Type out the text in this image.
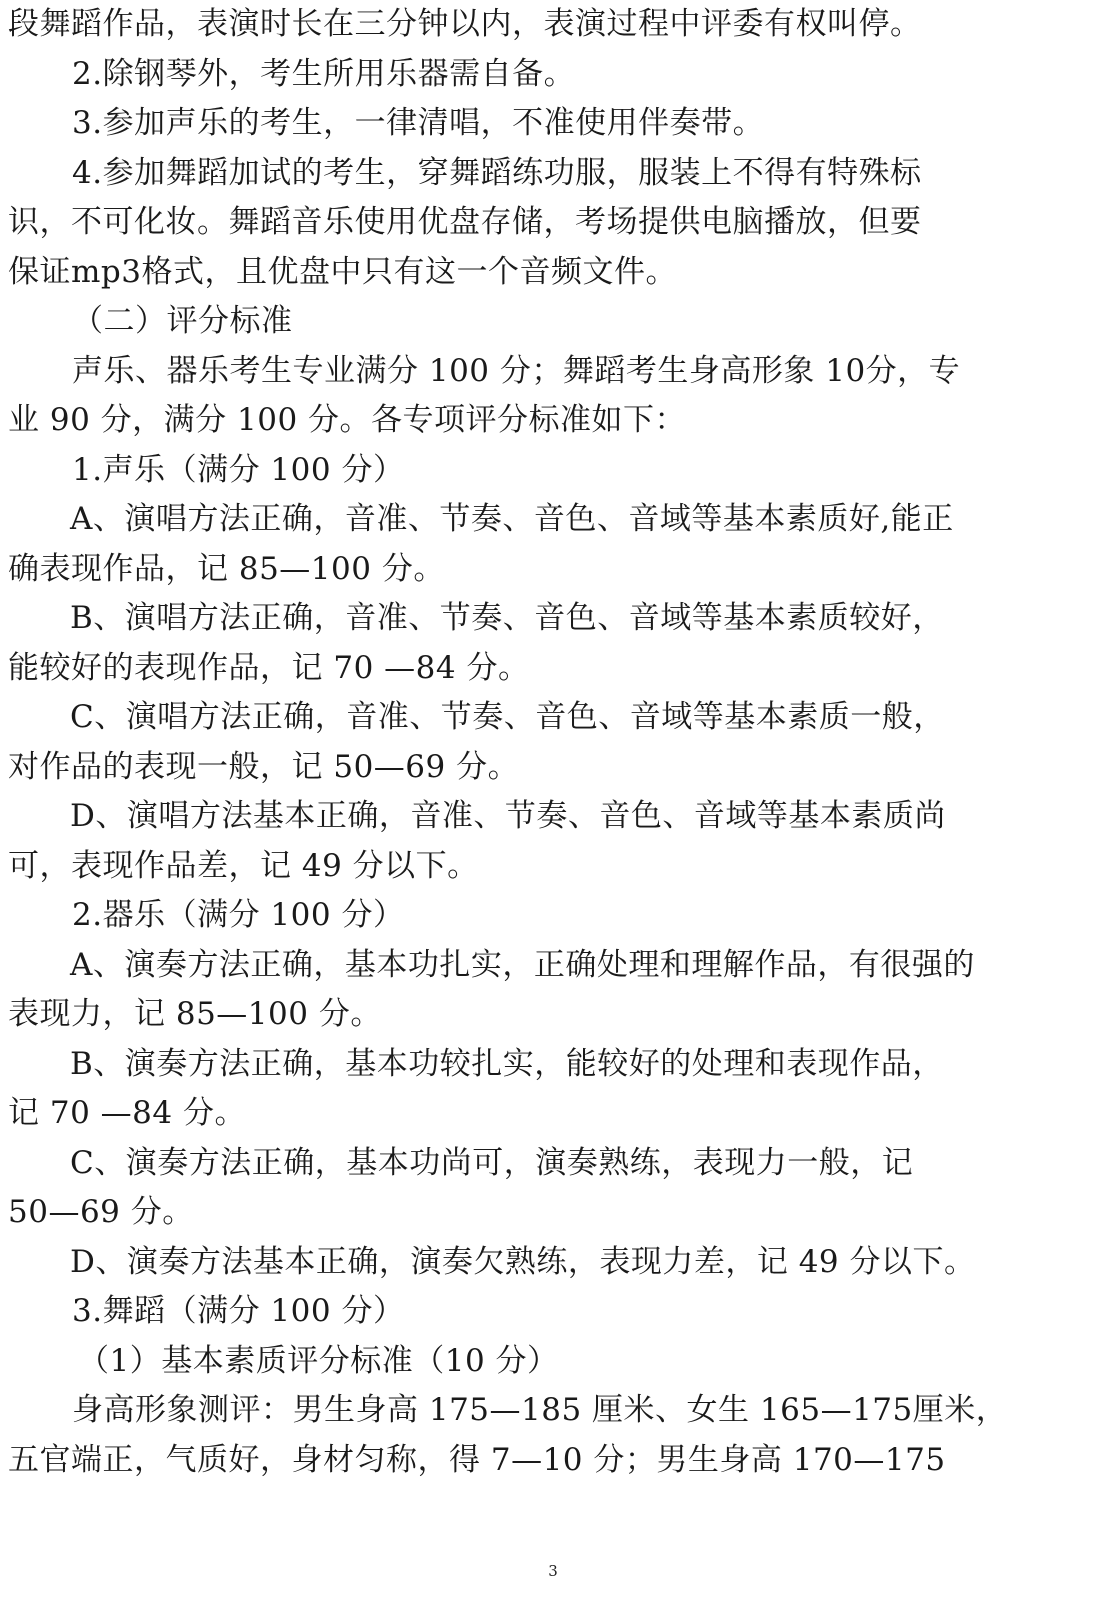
段舞蹈作品，表演时长在三分钟以内，表演过程中评委有权叫停。
2.除钢琴外，考生所用乐器需自备。
3.参加声乐的考生，一律清唱，不准使用伴奏带。
4.参加舞蹈加试的考生，穿舞蹈练功服，服装上不得有特殊标
识，不可化妆。舞蹈音乐使用优盘存储，考场提供电脑播放，但要
保证mp3格式，且优盘中只有这一个音频文件。
（二）评分标准
声乐、器乐考生专业满分 100 分；舞蹈考生身高形象 10分，专
业 90 分，满分 100 分。各专项评分标准如下：
1.声乐（满分 100 分）
A、演唱方法正确，音准、节奏、音色、音域等基本素质好,能正
确表现作品，记 85—100 分。
B、演唱方法正确，音准、节奏、音色、音域等基本素质较好，
能较好的表现作品，记 70 —84 分。
C、演唱方法正确，音准、节奏、音色、音域等基本素质一般，
对作品的表现一般，记 50—69 分。
D、演唱方法基本正确，音准、节奏、音色、音域等基本素质尚
可，表现作品差，记 49 分以下。
2.器乐（满分 100 分）
A、演奏方法正确，基本功扎实，正确处理和理解作品，有很强的
表现力，记 85—100 分。
B、演奏方法正确，基本功较扎实，能较好的处理和表现作品，
记 70 —84 分。
C、演奏方法正确，基本功尚可，演奏熟练，表现力一般，记
50—69 分。
D、演奏方法基本正确，演奏欠熟练，表现力差，记 49 分以下。
3.舞蹈（满分 100 分）
（1）基本素质评分标准（10 分）
身高形象测评：男生身高 175—185 厘米、女生 165—175厘米，
五官端正，气质好，身材匀称，得 7—10 分；男生身高 170—175
3
